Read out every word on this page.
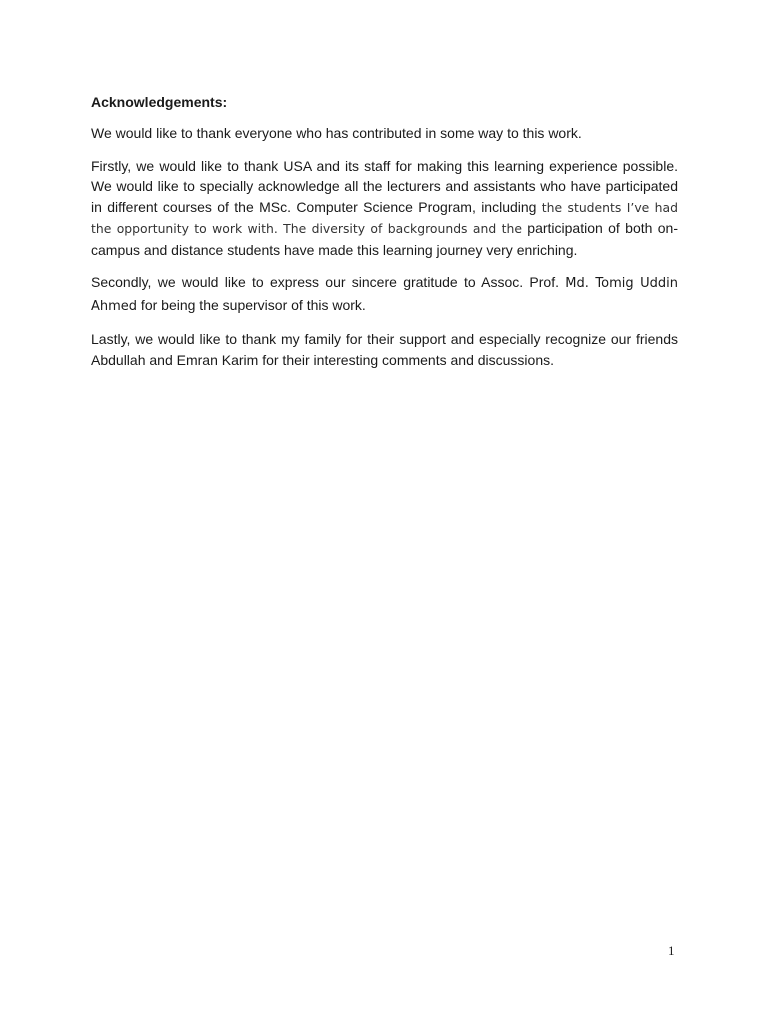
Acknowledgements:

We would like to thank everyone who has contributed in some way to this work.

Firstly, we would like to thank USA and its staff for making this learning experience possible. We would like to specially acknowledge all the lecturers and assistants who have participated in different courses of the MSc. Computer Science Program, including the students I’ve had the opportunity to work with. The diversity of backgrounds and the participation of both on-campus and distance students have made this learning journey very enriching.

Secondly, we would like to express our sincere gratitude to Assoc. Prof. Md. Tomig Uddin Ahmed for being the supervisor of this work.

Lastly, we would like to thank my family for their support and especially recognize our friends Abdullah and Emran Karim for their interesting comments and discussions.

1
